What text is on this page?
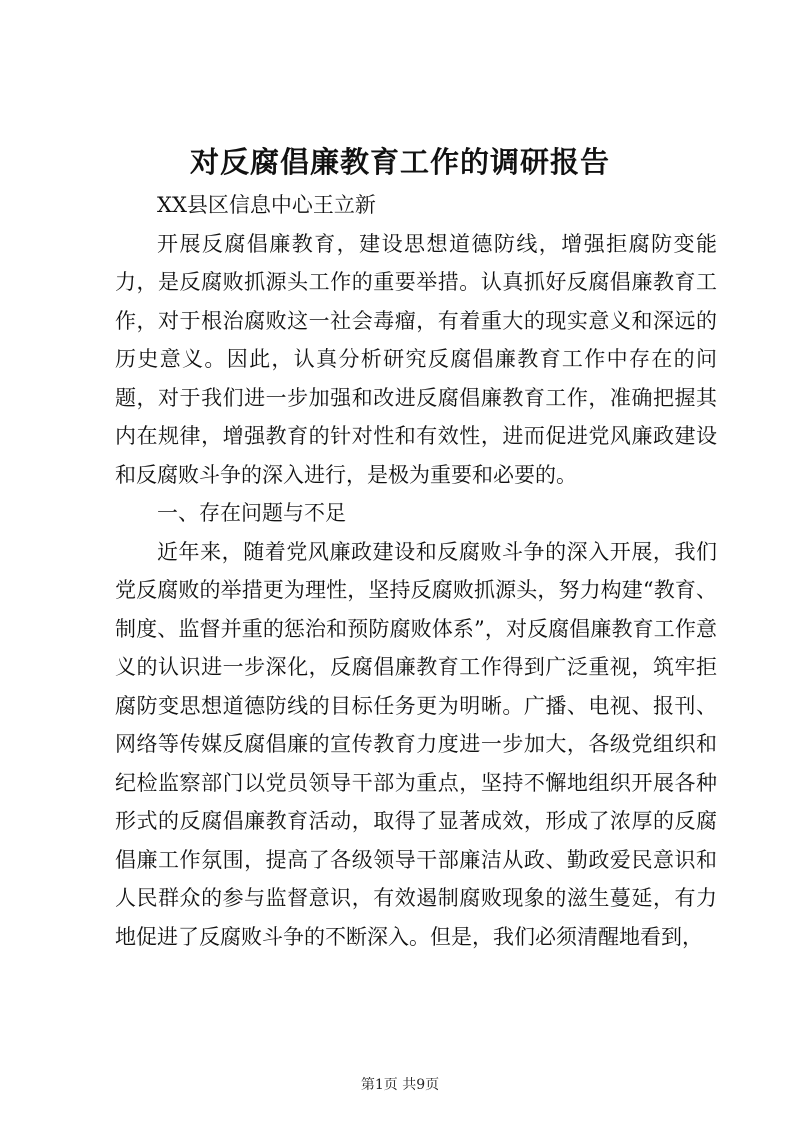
对反腐倡廉教育工作的调研报告

XX县区信息中心王立新

开展反腐倡廉教育，建设思想道德防线，增强拒腐防变能力，是反腐败抓源头工作的重要举措。认真抓好反腐倡廉教育工作，对于根治腐败这一社会毒瘤，有着重大的现实意义和深远的历史意义。因此，认真分析研究反腐倡廉教育工作中存在的问题，对于我们进一步加强和改进反腐倡廉教育工作，准确把握其内在规律，增强教育的针对性和有效性，进而促进党风廉政建设和反腐败斗争的深入进行，是极为重要和必要的。

一、存在问题与不足

近年来，随着党风廉政建设和反腐败斗争的深入开展，我们党反腐败的举措更为理性，坚持反腐败抓源头，努力构建“教育、制度、监督并重的惩治和预防腐败体系”，对反腐倡廉教育工作意义的认识进一步深化，反腐倡廉教育工作得到广泛重视，筑牢拒腐防变思想道德防线的目标任务更为明晰。广播、电视、报刊、网络等传媒反腐倡廉的宣传教育力度进一步加大，各级党组织和纪检监察部门以党员领导干部为重点，坚持不懈地组织开展各种形式的反腐倡廉教育活动，取得了显著成效，形成了浓厚的反腐倡廉工作氛围，提高了各级领导干部廉洁从政、勤政爱民意识和人民群众的参与监督意识，有效遏制腐败现象的滋生蔓延，有力地促进了反腐败斗争的不断深入。但是，我们必须清醒地看到，

第1页 共9页
